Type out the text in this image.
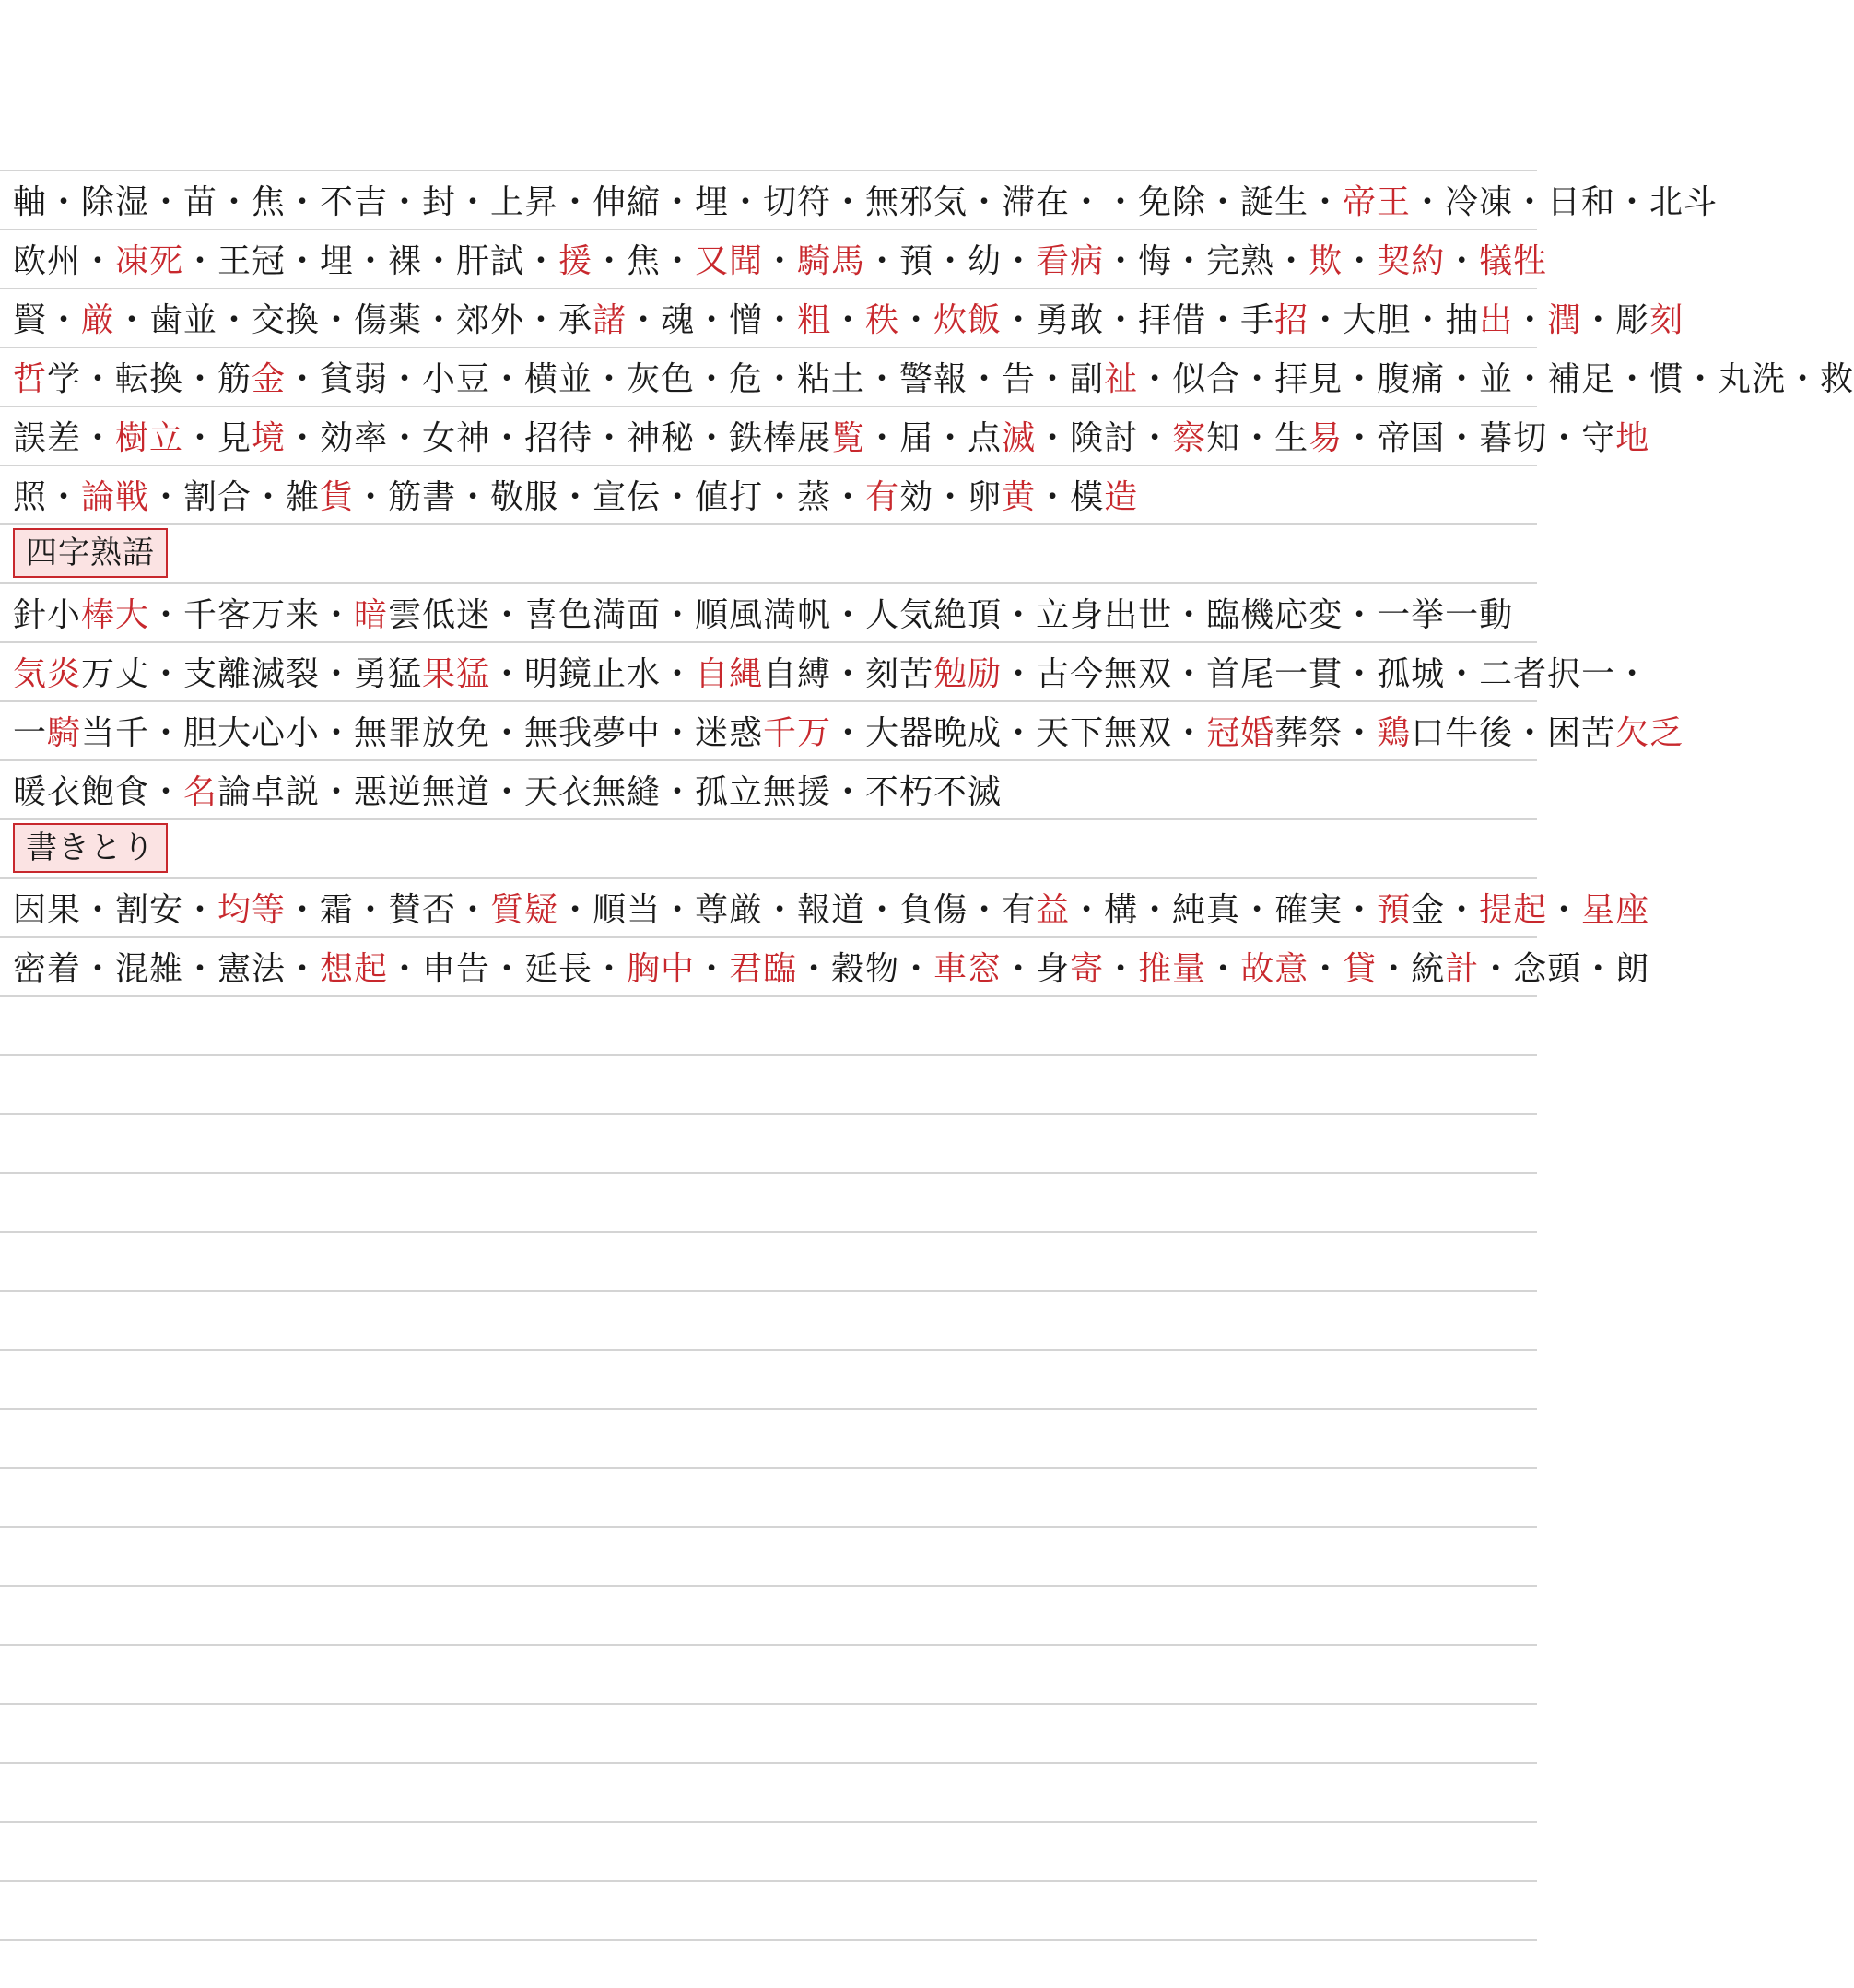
軸・除湿・苗・焦・不吉・封・上昇・伸縮・埋・切符・無邪気・滞在・・免除・誕生・ 帝王 ・冷凍・日和・北斗
欧州・ 凍死 ・王冠・埋・裸・肝試・ 援 ・焦・ 又聞 ・ 騎馬 ・預・幼・ 看病 ・悔・完熟・ 欺 ・ 契約 ・ 犠牲
賢・ 厳 ・歯並・交換・傷薬・郊外・承 諸 ・魂・憎・ 粗 ・ 秩 ・ 炊飯 ・勇敢・拝借・手 招 ・大胆・抽 出 ・ 潤 ・彫 刻
哲 学・転換・筋 金 ・貧弱・小豆・横並・灰色・危・粘土・警報・告・副 祉 ・似合・拝見・腹痛・並・補足・慣・丸洗・救
誤差・ 樹立 ・見 境 ・効率・女神・招待・神秘・鉄棒展 覧 ・届・点 滅 ・険討・ 察 知・生 易 ・帝国・暮切・守 地
照・ 論戦 ・割合・雑 貨 ・筋書・敬服・宣伝・値打・蒸・ 有 効・卵 黄 ・模 造
四字熟語
針小 棒大 ・千客万来・ 暗 雲低迷・喜色満面・順風満帆・人気絶頂・立身出世・臨機応変・一挙一動
気炎 万丈・支離滅裂・勇猛 果猛 ・明鏡止水・ 自縄 自縛・刻苦 勉励 ・古今無双・首尾一貫・孤城・二者択一・
一 騎 当千・胆大心小・無罪放免・無我夢中・迷惑 千万 ・大器晩成・天下無双・ 冠婚 葬祭・ 鶏 口牛後・困苦 欠乏
暖衣飽食・ 名 論卓説・悪逆無道・天衣無縫・孤立無援・不朽不滅
書きとり
因果・割安・ 均等 ・霜・賛否・ 質疑 ・順当・尊厳・報道・負傷・有 益 ・構・純真・確実・ 預 金・ 提起 ・ 星座
密着・混雑・憲法・ 想起 ・申告・延長・ 胸中 ・ 君臨 ・穀物・ 車窓 ・身 寄 ・ 推量 ・ 故意 ・ 貸 ・統 計 ・念頭・朗
